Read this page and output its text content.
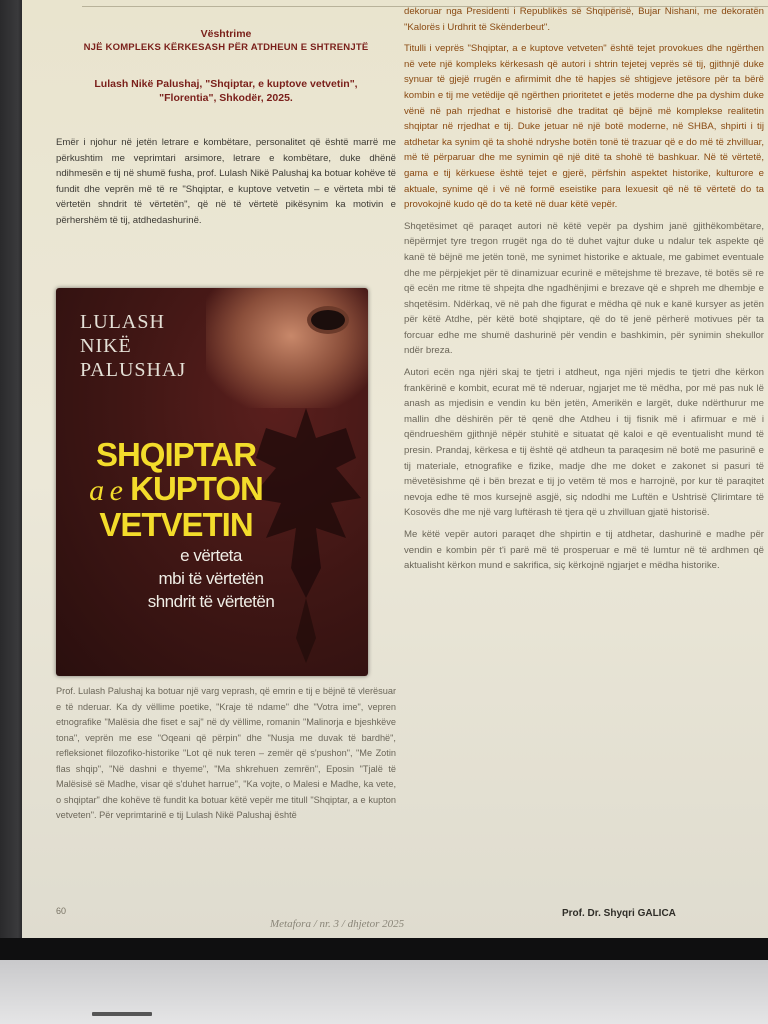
Vështrime
NJË KOMPLEKS KËRKESASH PËR ATDHEUN E SHTRENJTË
Lulash Nikë Palushaj, "Shqiptar, e kuptove vetvetin",
"Florentia", Shkodër, 2025.

Emër i njohur në jetën letrare e kombëtare, personalitet që është marrë me përkushtim me veprimtari arsimore, letrare e kombëtare, duke dhënë ndihmesën e tij në shumë fusha, prof. Lulash Nikë Palushaj ka botuar kohëve të fundit dhe veprën më të re "Shqiptar, e kuptove vetvetin – e vërteta mbi të vërtetën shndrit të vërtetën", që në të vërtetë pikësynim ka motivin e përhershëm të tij, atdhedashurinë.

LULASH
NIKË
PALUSHAJ
SHQIPTAR
a e KUPTON
VETVETIN
e vërteta
mbi të vërtetën
shndrit të vërtetën

Prof. Lulash Palushaj ka botuar një varg veprash, që emrin e tij e bëjnë të vlerësuar e të nderuar. Ka dy vëllime poetike, "Kraje të ndame" dhe "Votra ime", vepren etnografike "Malësia dhe fiset e saj" në dy vëllime, romanin "Malinorja e bjeshkëve tona", veprën me ese "Oqeani që përpin" dhe "Nusja me duvak të bardhë", refleksionet filozofiko-historike "Lot që nuk teren – zemër që s'pushon", "Me Zotin flas shqip", "Në dashni e thyeme", "Ma shkrehuen zemrën", Eposin "Tjalë të Malësisë së Madhe, visar që s'duhet harrue", "Ka vojte, o Malesi e Madhe, ka vete, o shqiptar" dhe kohëve të fundit ka botuar këtë vepër me titull "Shqiptar, a e kupton vetveten". Për veprimtarinë e tij Lulash Nikë Palushaj është

dekoruar nga Presidenti i Republikës së Shqipërisë, Bujar Nishani, me dekoratën "Kalorës i Urdhrit të Skënderbeut".

Titulli i veprës "Shqiptar, a e kuptove vetveten" është tejet provokues dhe ngërthen në vete një kompleks kërkesash që autori i shtrin tejetej veprës së tij, gjithnjë duke synuar të gjejë rrugën e afirmimit dhe të hapjes së shtigjeve jetësore për ta bërë kombin e tij me vetëdije që ngërthen prioritetet e jetës moderne dhe pa dyshim duke vënë në pah rrjedhat e historisë dhe traditat që bëjnë më komplekse realitetin shqiptar në rrjedhat e tij. Duke jetuar në një botë moderne, në SHBA, shpirti i tij atdhetar ka synim që ta shohë ndryshe botën tonë të trazuar që e do më të zhvilluar, më të përparuar dhe me synimin që një ditë ta shohë të bashkuar. Në të vërtetë, gama e tij kërkuese është tejet e gjerë, përfshin aspektet historike, kulturore e aktuale, synime që i vë në formë eseistike para lexuesit që në të vërtetë do ta provokojnë kudo që do ta ketë në duar këtë vepër.

Shqetësimet që paraqet autori në këtë vepër pa dyshim janë gjithëkombëtare, nëpërmjet tyre tregon rrugët nga do të duhet vajtur duke u ndalur tek aspekte që kanë të bëjnë me jetën tonë, me synimet historike e aktuale, me gabimet eventuale dhe me përpjekjet për të dinamizuar ecurinë e mëtejshme të brezave, të botës së re që ecën me ritme të shpejta dhe ngadhënjimi e brezave që e shpreh me dhembje e shqetësim. Ndërkaq, vë në pah dhe figurat e mëdha që nuk e kanë kursyer as jetën për këtë Atdhe, për këtë botë shqiptare, që do të jenë përherë motivues për ta forcuar edhe me shumë dashurinë për vendin e bashkimin, për synimin shekullor ndër breza.

Autori ecën nga njëri skaj te tjetri i atdheut, nga njëri mjedis te tjetri dhe kërkon frankërinë e kombit, ecurat më të nderuar, ngjarjet me të mëdha, por më pas nuk lë anash as mjedisin e vendin ku bën jetën, Amerikën e largët, duke ndërthurur me mallin dhe dëshirën për të qenë dhe Atdheu i tij fisnik më i afirmuar e më i qëndrueshëm gjithnjë nëpër stuhitë e situatat që kaloi e që eventualisht mund të presin. Prandaj, kërkesa e tij është që atdheun ta paraqesim në botë me pasurinë e tij materiale, etnografike e fizike, madje dhe me doket e zakonet si pasuri të mëvetësishme që i bën brezat e tij jo vetëm të mos e harrojnë, por kur të paraqitet nevoja edhe të mos kursejnë asgjë, siç ndodhi me Luftën e Ushtrisë Çlirimtare të Kosovës dhe me një varg luftërash të tjera që u zhvilluan gjatë historisë.

Me këtë vepër autori paraqet dhe shpirtin e tij atdhetar, dashurinë e madhe për vendin e kombin për t'i parë më të prosperuar e më të lumtur në të ardhmen që aktualisht kërkon mund e sakrifica, siç kërkojnë ngjarjet e mëdha historike.

60	Prof. Dr. Shyqri GALICA
Metafora / nr. 3 / dhjetor 2025
